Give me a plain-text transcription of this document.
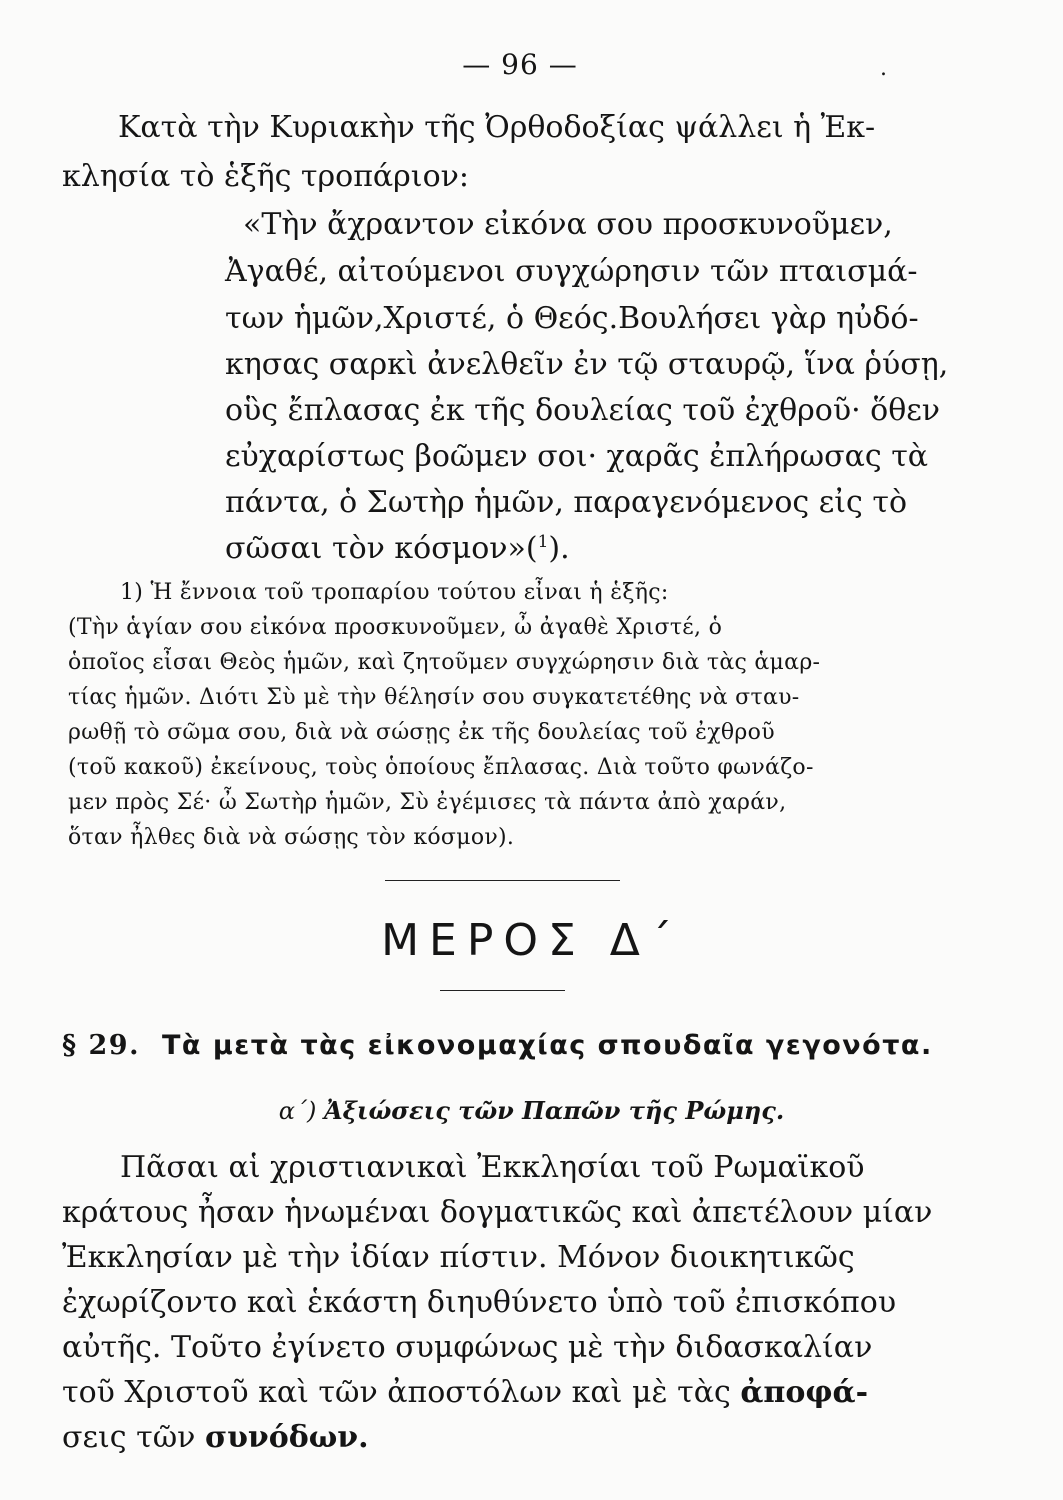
— 96 —	.
Κατὰ τὴν Κυριακὴν τῆς Ὀρθοδοξίας ψάλλει ἡ Ἐκ-
κλησία τὸ ἑξῆς τροπάριον:
«Τὴν ἄχραντον εἰκόνα σου προσκυνοῦμεν,
Ἀγαθέ, αἰτούμενοι συγχώρησιν τῶν πταισμά-
των ἡμῶν,Χριστέ, ὁ Θεός.Βουλήσει γὰρ ηὐδό-
κησας σαρκὶ ἀνελθεῖν ἐν τῷ σταυρῷ, ἵνα ῥύσῃ,
οὓς ἔπλασας ἐκ τῆς δουλείας τοῦ ἐχθροῦ· ὅθεν
εὐχαρίστως βοῶμεν σοι· χαρᾶς ἐπλήρωσας τὰ
πάντα, ὁ Σωτὴρ ἡμῶν, παραγενόμενος εἰς τὸ
σῶσαι τὸν κόσμον»($^1$).
1) Ἡ ἔννοια τοῦ τροπαρίου τούτου εἶναι ἡ ἑξῆς:
(Τὴν ἁγίαν σου εἰκόνα προσκυνοῦμεν, ὦ ἀγαθὲ Χριστέ, ὁ
ὁποῖος εἶσαι Θεὸς ἡμῶν, καὶ ζητοῦμεν συγχώρησιν διὰ τὰς ἁμαρ-
τίας ἡμῶν. Διότι Σὺ μὲ τὴν θέλησίν σου συγκατετέθης νὰ σταυ-
ρωθῇ τὸ σῶμα σου, διὰ νὰ σώσῃς ἐκ τῆς δουλείας τοῦ ἐχθροῦ
(τοῦ κακοῦ) ἐκείνους, τοὺς ὁποίους ἔπλασας. Διὰ τοῦτο φωνάζο-
μεν πρὸς Σέ· ὦ Σωτὴρ ἡμῶν, Σὺ ἐγέμισες τὰ πάντα ἀπὸ χαράν,
ὅταν ἦλθες διὰ νὰ σώσῃς τὸν κόσμον).
ΜΕΡΟΣ Δ΄
§ 29. Τὰ μετὰ τὰς εἰκονομαχίας σπουδαῖα γεγονότα.
α΄) Ἀξιώσεις τῶν Παπῶν τῆς Ρώμης.
Πᾶσαι αἱ χριστιανικαὶ Ἐκκλησίαι τοῦ Ρωμαϊκοῦ
κράτους ἦσαν ἡνωμέναι δογματικῶς καὶ ἀπετέλουν μίαν
Ἐκκλησίαν μὲ τὴν ἰδίαν πίστιν. Μόνον διοικητικῶς
ἐχωρίζοντο καὶ ἑκάστη διηυθύνετο ὑπὸ τοῦ ἐπισκόπου
αὐτῆς. Τοῦτο ἐγίνετο συμφώνως μὲ τὴν διδασκαλίαν
τοῦ Χριστοῦ καὶ τῶν ἀποστόλων καὶ μὲ τὰς ἀποφά-
σεις τῶν συνόδων.
